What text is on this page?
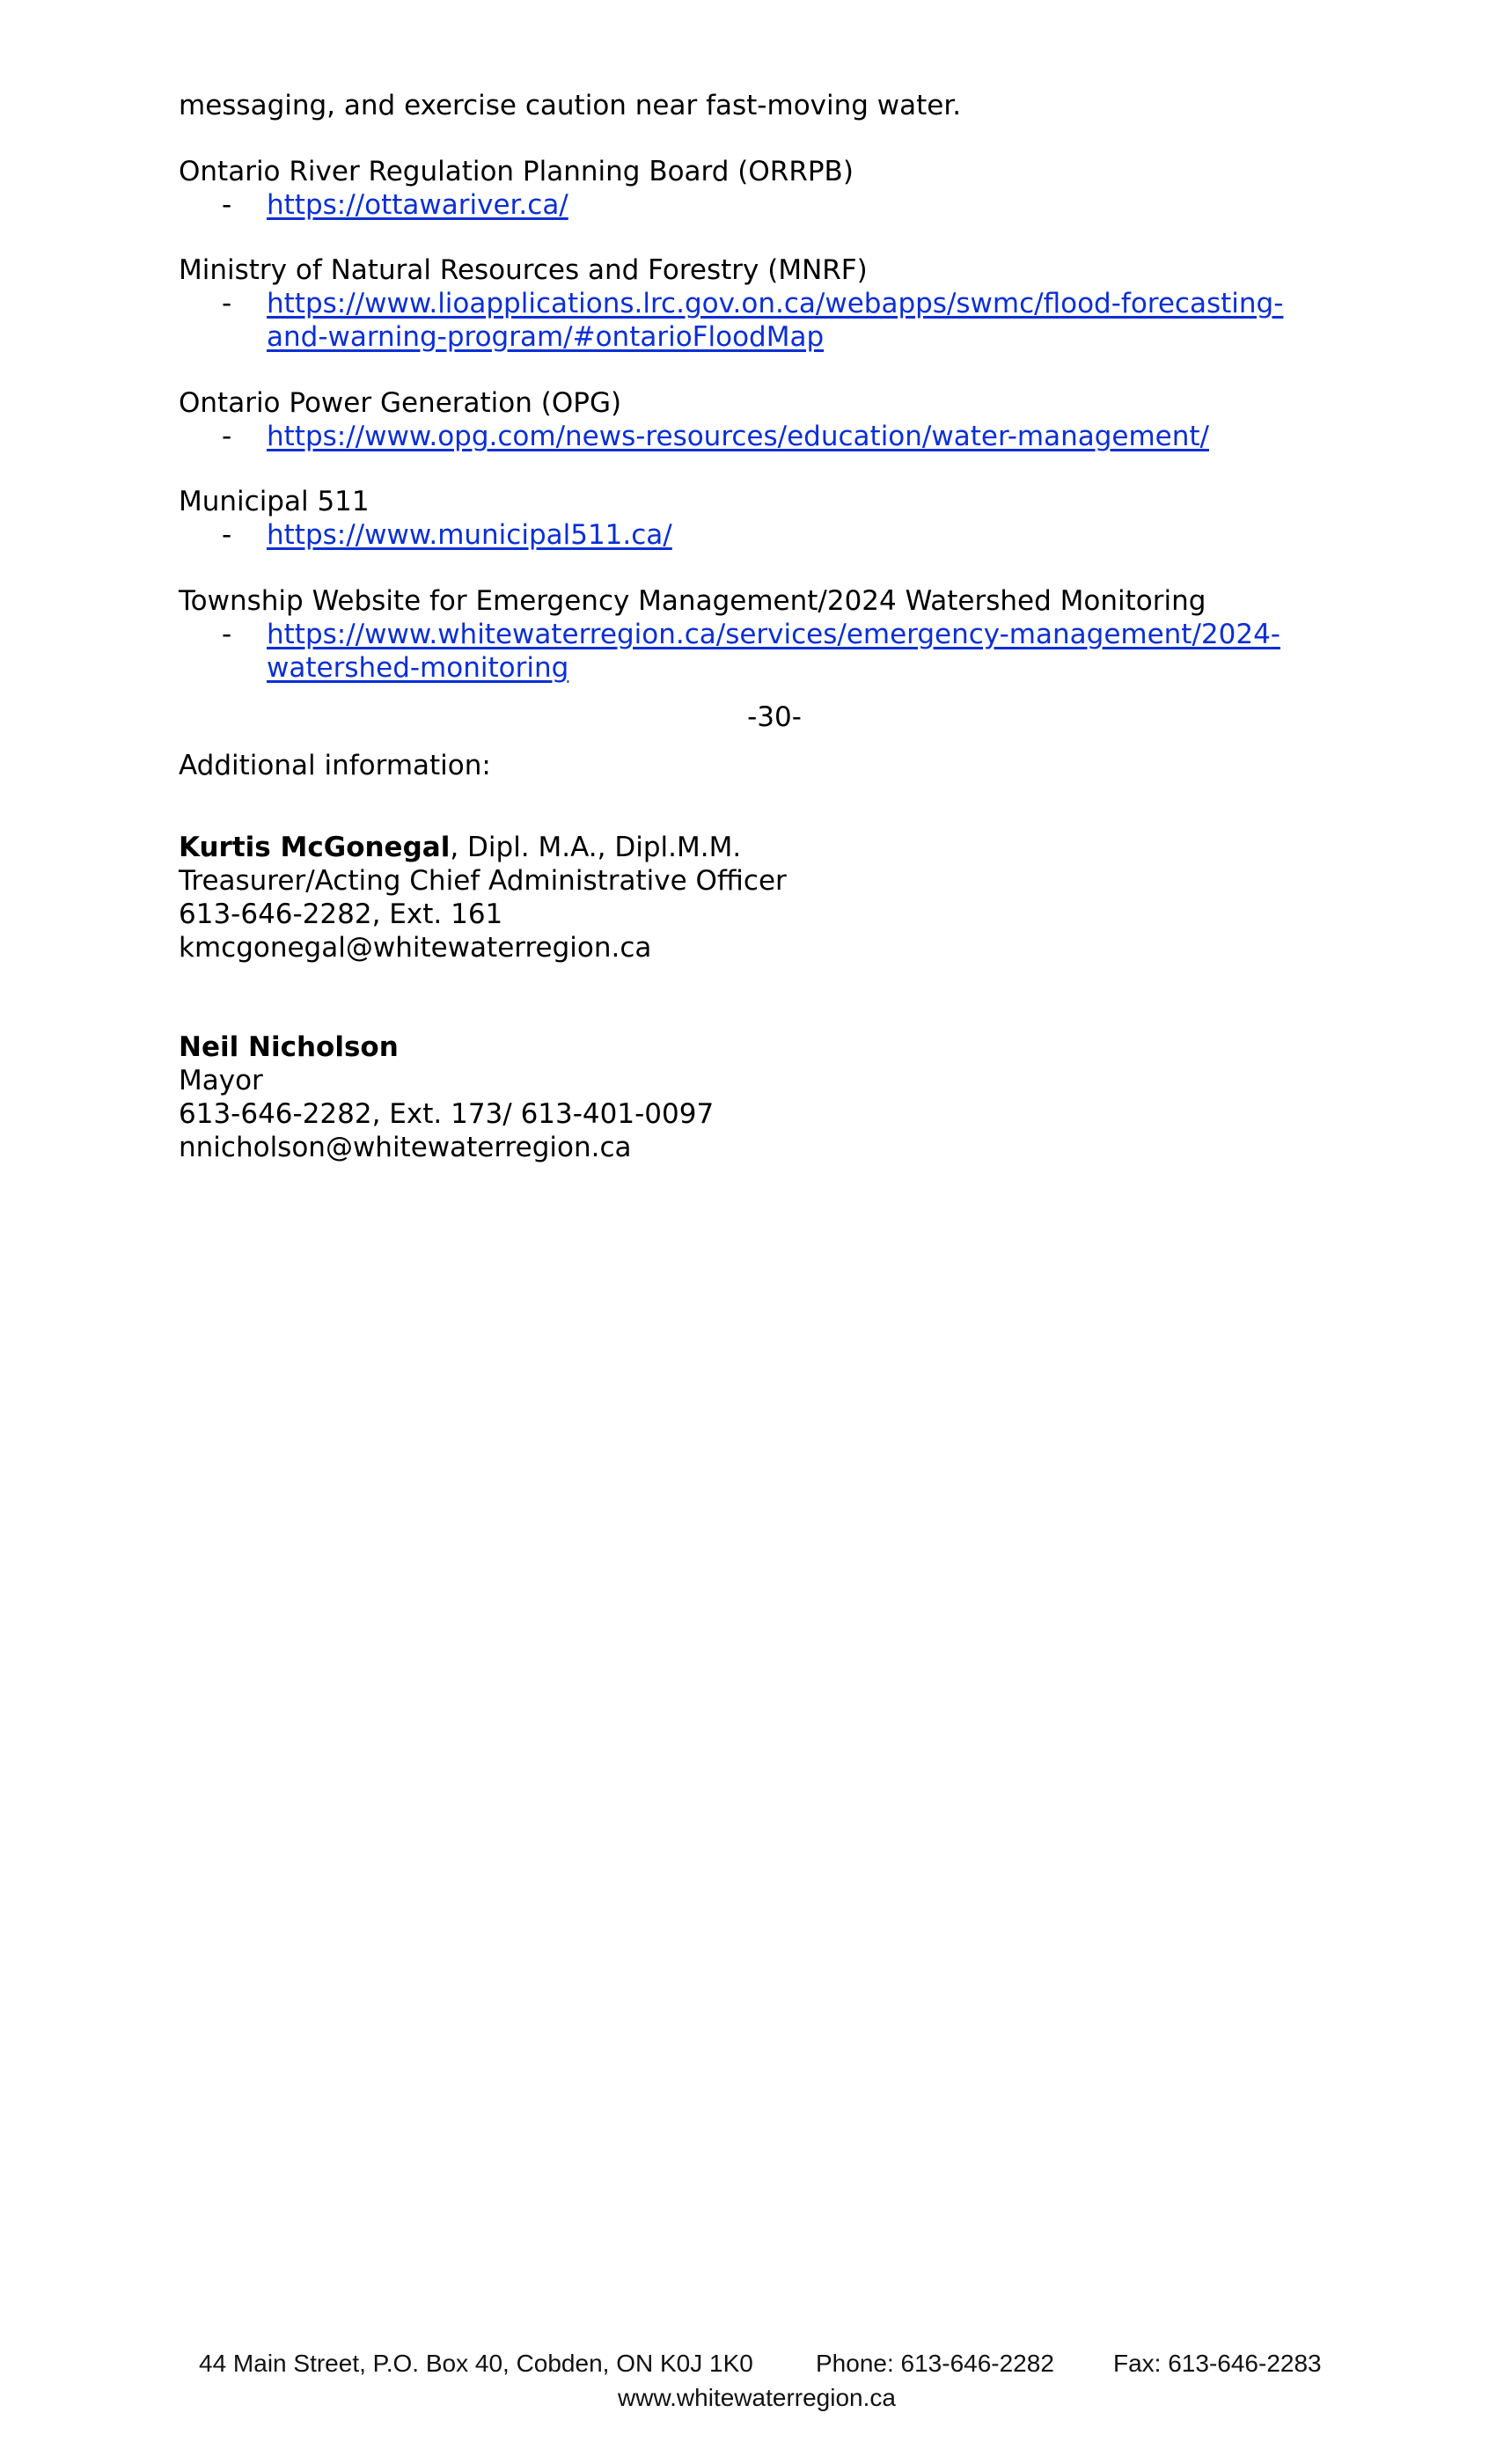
messaging, and exercise caution near fast-moving water.
Ontario River Regulation Planning Board (ORRPB)
- https://ottawariver.ca/
Ministry of Natural Resources and Forestry (MNRF)
- https://www.lioapplications.lrc.gov.on.ca/webapps/swmc/flood-forecasting-
and-warning-program/#ontarioFloodMap
Ontario Power Generation (OPG)
- https://www.opg.com/news-resources/education/water-management/
Municipal 511
- https://www.municipal511.ca/
Township Website for Emergency Management/2024 Watershed Monitoring
- https://www.whitewaterregion.ca/services/emergency-management/2024-
watershed-monitoring
-30-
Additional information:
Kurtis McGonegal, Dipl. M.A., Dipl.M.M.
Treasurer/Acting Chief Administrative Officer
613-646-2282, Ext. 161
kmcgonegal@whitewaterregion.ca
Neil Nicholson
Mayor
613-646-2282, Ext. 173/ 613-401-0097
nnicholson@whitewaterregion.ca
44 Main Street, P.O. Box 40, Cobden, ON K0J 1K0	Phone: 613-646-2282 Fax: 613-646-2283
www.whitewaterregion.ca
